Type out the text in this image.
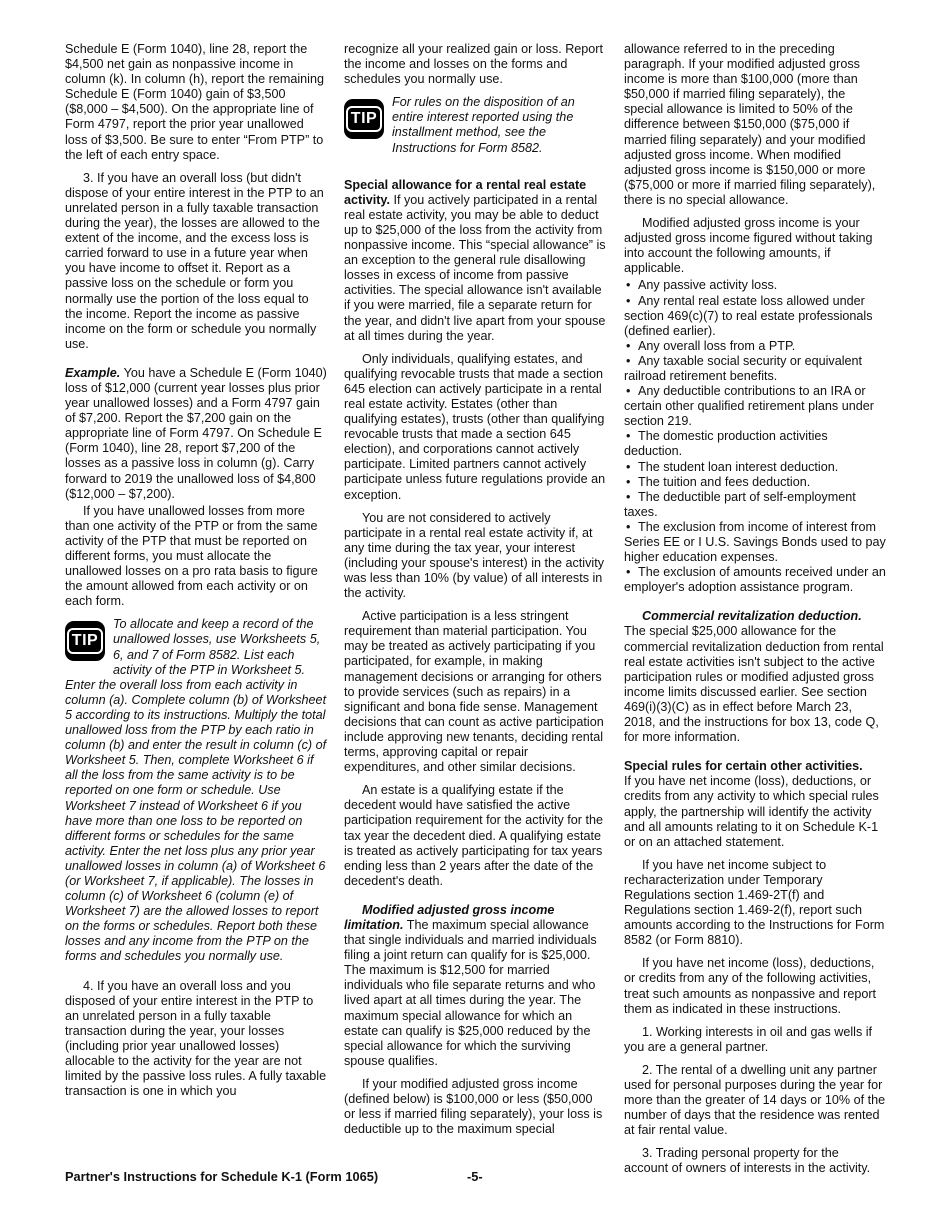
Schedule E (Form 1040), line 28, report the $4,500 net gain as nonpassive income in column (k). In column (h), report the remaining Schedule E (Form 1040) gain of $3,500 ($8,000 – $4,500). On the appropriate line of Form 4797, report the prior year unallowed loss of $3,500. Be sure to enter “From PTP” to the left of each entry space.

3. If you have an overall loss (but didn't dispose of your entire interest in the PTP to an unrelated person in a fully taxable transaction during the year), the losses are allowed to the extent of the income, and the excess loss is carried forward to use in a future year when you have income to offset it. Report as a passive loss on the schedule or form you normally use the portion of the loss equal to the income. Report the income as passive income on the form or schedule you normally use.

Example. You have a Schedule E (Form 1040) loss of $12,000 (current year losses plus prior year unallowed losses) and a Form 4797 gain of $7,200. Report the $7,200 gain on the appropriate line of Form 4797. On Schedule E (Form 1040), line 28, report $7,200 of the losses as a passive loss in column (g). Carry forward to 2019 the unallowed loss of $4,800 ($12,000 – $7,200).

If you have unallowed losses from more than one activity of the PTP or from the same activity of the PTP that must be reported on different forms, you must allocate the unallowed losses on a pro rata basis to figure the amount allowed from each activity or on each form.

TIP
To allocate and keep a record of the unallowed losses, use Worksheets 5, 6, and 7 of Form 8582. List each activity of the PTP in Worksheet 5. Enter the overall loss from each activity in column (a). Complete column (b) of Worksheet 5 according to its instructions. Multiply the total unallowed loss from the PTP by each ratio in column (b) and enter the result in column (c) of Worksheet 5. Then, complete Worksheet 6 if all the loss from the same activity is to be reported on one form or schedule. Use Worksheet 7 instead of Worksheet 6 if you have more than one loss to be reported on different forms or schedules for the same activity. Enter the net loss plus any prior year unallowed losses in column (a) of Worksheet 6 (or Worksheet 7, if applicable). The losses in column (c) of Worksheet 6 (column (e) of Worksheet 7) are the allowed losses to report on the forms or schedules. Report both these losses and any income from the PTP on the forms and schedules you normally use.

4. If you have an overall loss and you disposed of your entire interest in the PTP to an unrelated person in a fully taxable transaction during the year, your losses (including prior year unallowed losses) allocable to the activity for the year are not limited by the passive loss rules. A fully taxable transaction is one in which you

recognize all your realized gain or loss. Report the income and losses on the forms and schedules you normally use.

TIP
For rules on the disposition of an entire interest reported using the installment method, see the Instructions for Form 8582.

Special allowance for a rental real estate activity. If you actively participated in a rental real estate activity, you may be able to deduct up to $25,000 of the loss from the activity from nonpassive income. This “special allowance” is an exception to the general rule disallowing losses in excess of income from passive activities. The special allowance isn't available if you were married, file a separate return for the year, and didn't live apart from your spouse at all times during the year.

Only individuals, qualifying estates, and qualifying revocable trusts that made a section 645 election can actively participate in a rental real estate activity. Estates (other than qualifying estates), trusts (other than qualifying revocable trusts that made a section 645 election), and corporations cannot actively participate. Limited partners cannot actively participate unless future regulations provide an exception.

You are not considered to actively participate in a rental real estate activity if, at any time during the tax year, your interest (including your spouse's interest) in the activity was less than 10% (by value) of all interests in the activity.

Active participation is a less stringent requirement than material participation. You may be treated as actively participating if you participated, for example, in making management decisions or arranging for others to provide services (such as repairs) in a significant and bona fide sense. Management decisions that can count as active participation include approving new tenants, deciding rental terms, approving capital or repair expenditures, and other similar decisions.

An estate is a qualifying estate if the decedent would have satisfied the active participation requirement for the activity for the tax year the decedent died. A qualifying estate is treated as actively participating for tax years ending less than 2 years after the date of the decedent's death.

Modified adjusted gross income limitation. The maximum special allowance that single individuals and married individuals filing a joint return can qualify for is $25,000. The maximum is $12,500 for married individuals who file separate returns and who lived apart at all times during the year. The maximum special allowance for which an estate can qualify is $25,000 reduced by the special allowance for which the surviving spouse qualifies.

If your modified adjusted gross income (defined below) is $100,000 or less ($50,000 or less if married filing separately), your loss is deductible up to the maximum special

allowance referred to in the preceding paragraph. If your modified adjusted gross income is more than $100,000 (more than $50,000 if married filing separately), the special allowance is limited to 50% of the difference between $150,000 ($75,000 if married filing separately) and your modified adjusted gross income. When modified adjusted gross income is $150,000 or more ($75,000 or more if married filing separately), there is no special allowance.

Modified adjusted gross income is your adjusted gross income figured without taking into account the following amounts, if applicable.

• Any passive activity loss.
• Any rental real estate loss allowed under section 469(c)(7) to real estate professionals (defined earlier).
• Any overall loss from a PTP.
• Any taxable social security or equivalent railroad retirement benefits.
• Any deductible contributions to an IRA or certain other qualified retirement plans under section 219.
• The domestic production activities deduction.
• The student loan interest deduction.
• The tuition and fees deduction.
• The deductible part of self-employment taxes.
• The exclusion from income of interest from Series EE or I U.S. Savings Bonds used to pay higher education expenses.
• The exclusion of amounts received under an employer's adoption assistance program.

Commercial revitalization deduction.

The special $25,000 allowance for the commercial revitalization deduction from rental real estate activities isn't subject to the active participation rules or modified adjusted gross income limits discussed earlier. See section 469(i)(3)(C) as in effect before March 23, 2018, and the instructions for box 13, code Q, for more information.

Special rules for certain other activities.

If you have net income (loss), deductions, or credits from any activity to which special rules apply, the partnership will identify the activity and all amounts relating to it on Schedule K-1 or on an attached statement.

If you have net income subject to recharacterization under Temporary Regulations section 1.469-2T(f) and Regulations section 1.469-2(f), report such amounts according to the Instructions for Form 8582 (or Form 8810).

If you have net income (loss), deductions, or credits from any of the following activities, treat such amounts as nonpassive and report them as indicated in these instructions.

1. Working interests in oil and gas wells if you are a general partner.

2. The rental of a dwelling unit any partner used for personal purposes during the year for more than the greater of 14 days or 10% of the number of days that the residence was rented at fair rental value.

3. Trading personal property for the account of owners of interests in the activity.

Partner's Instructions for Schedule K-1 (Form 1065)	-5-
